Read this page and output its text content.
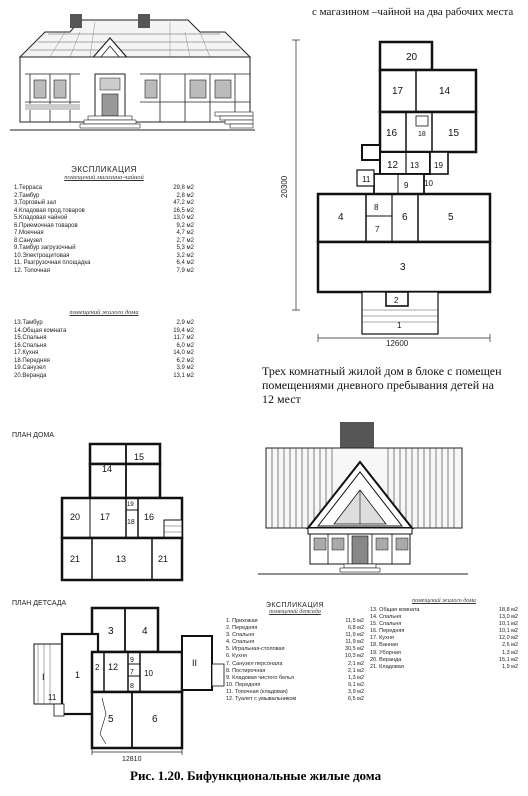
с магазином –чайной на два рабочих места
20300
12600
20
17	14
16	18 15
12 13 19
11
9 10
4
8
7
6	5
3
2
1
ЭКСПЛИКАЦИЯ
помещений магазина-чайной
1.Терраса	29,8 м2
2.Тамбур	2,8 м2
3.Торговый зал	47,2 м2
4.Кладовая прод.товаров	16,5 м2
5.Кладовая чайной	13,0 м2
6.Приемочная товаров	9,2 м2
7.Моечная	4,7 м2
8.Санузел	2,7 м2
9.Тамбур загрузочный	5,3 м2
10.Электрощитовая	3,2 м2
11. Разгрузочная площадка	6,4 м2
12. Топочная	7,9 м2
помещений жилого дома
13.Тамбур	2,9 м2
14.Общая комната	19,4 м2
15.Спальня	11,7 м2
16.Спальня	6,0 м2
17.Кухня	14,0 м2
18.Передняя	6,2 м2
19.Санузел	3,9 м2
20.Веранда	13,1 м2	Трех комнатный жилой дом в блоке с помещен помещениями дневного пребывания детей на 12 мест
ПЛАН ДОМА
14
15
20 17
19
18
16
21	13	21
ПЛАН ДЕТСАДА
12810
3	4
I	1
2 12
9
7
8
10
II
5	6
11
ЭКСПЛИКАЦИЯ
помещений детсада
1. Прихожая	11,5 м2
2. Передняя	6,8 м2
3. Спальня	11,9 м2
4. Спальня	11,9 м2
5. Игральная-столовая	30,5 м2
6. Кухня	10,3 м2
7. Санузел персонала	2,1 м2
8. Постирочная	2,1 м2
9. Кладовая чистого белья	1,3 м2
10. Передняя	9,1 м2
11. Топочная (кладовая)	3,9 м2
12. Туалет с умывальником	6,5 м2
помещений жилого дома
13. Общая комната	18,8 м2
14. Спальня	13,0 м2
15. Спальня	10,1 м2
16. Передняя	10,1 м2
17. Кухня	12,0 м2
18. Ванная	2,6 м2
19. Уборная	1,3 м2
20. Веранда	15,1 м2
21. Кладовая	1,9 м2
Рис. 1.20. Бифункциональные жилые дома
